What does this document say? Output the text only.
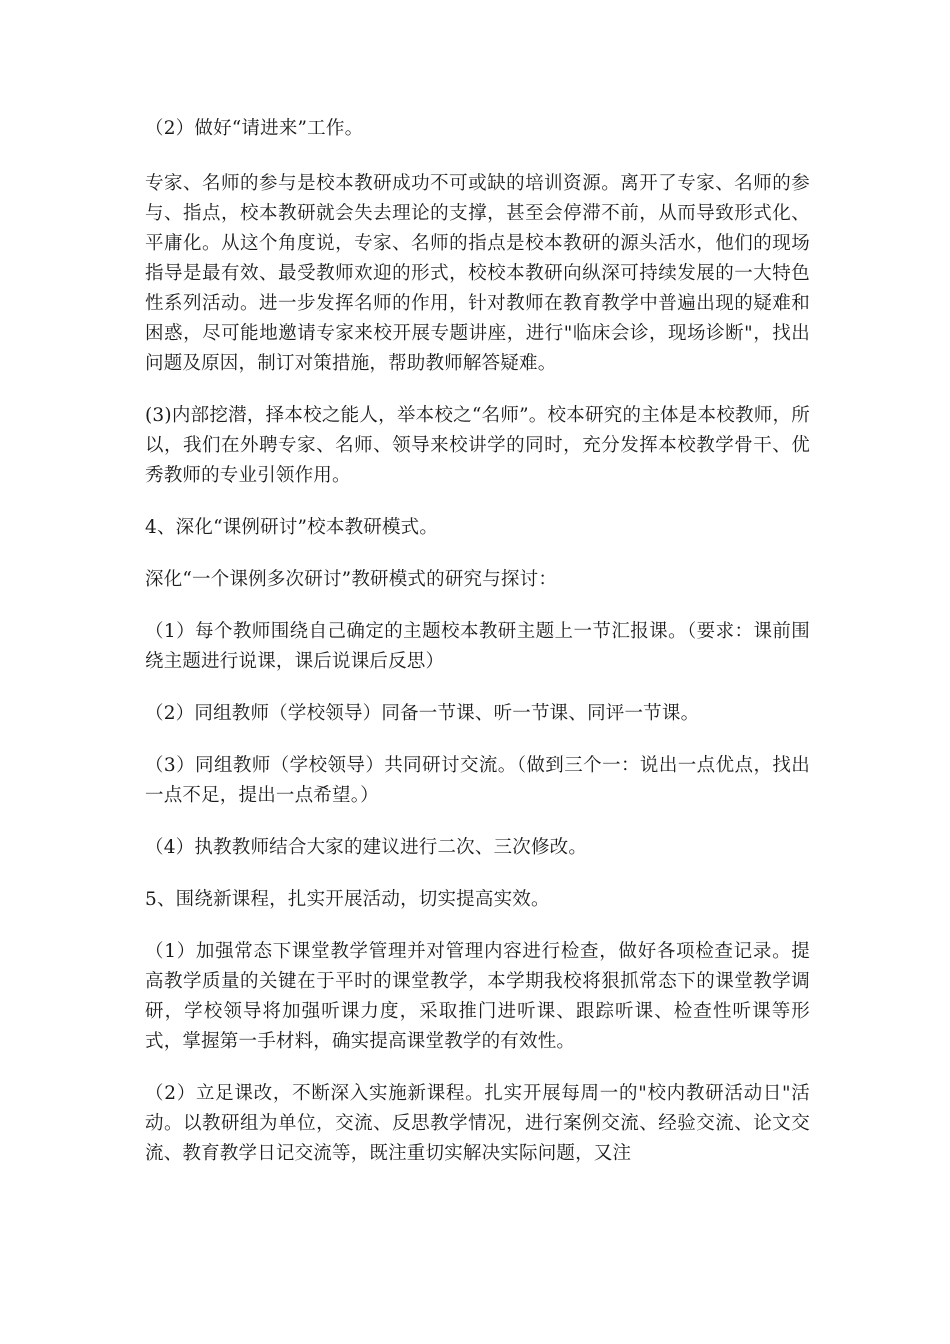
（2）做好“请进来”工作。

专家、名师的参与是校本教研成功不可或缺的培训资源。离开了专家、名师的参与、指点，校本教研就会失去理论的支撑，甚至会停滞不前，从而导致形式化、平庸化。从这个角度说，专家、名师的指点是校本教研的源头活水，他们的现场指导是最有效、最受教师欢迎的形式，校校本教研向纵深可持续发展的一大特色性系列活动。进一步发挥名师的作用，针对教师在教育教学中普遍出现的疑难和困惑，尽可能地邀请专家来校开展专题讲座，进行"临床会诊，现场诊断"，找出问题及原因，制订对策措施，帮助教师解答疑难。

(3)内部挖潜，择本校之能人，举本校之“名师”。校本研究的主体是本校教师，所以，我们在外聘专家、名师、领导来校讲学的同时，充分发挥本校教学骨干、优秀教师的专业引领作用。

4、深化“课例研讨”校本教研模式。

深化“一个课例多次研讨”教研模式的研究与探讨：

（1）每个教师围绕自己确定的主题校本教研主题上一节汇报课。（要求：课前围绕主题进行说课，课后说课后反思）

（2）同组教师（学校领导）同备一节课、听一节课、同评一节课。

（3）同组教师（学校领导）共同研讨交流。（做到三个一：说出一点优点，找出一点不足，提出一点希望。）

（4）执教教师结合大家的建议进行二次、三次修改。

5、围绕新课程，扎实开展活动，切实提高实效。

（1）加强常态下课堂教学管理并对管理内容进行检查，做好各项检查记录。提高教学质量的关键在于平时的课堂教学，本学期我校将狠抓常态下的课堂教学调研，学校领导将加强听课力度，采取推门进听课、跟踪听课、检查性听课等形式，掌握第一手材料，确实提高课堂教学的有效性。

（2）立足课改，不断深入实施新课程。扎实开展每周一的"校内教研活动日"活动。以教研组为单位，交流、反思教学情况，进行案例交流、经验交流、论文交流、教育教学日记交流等，既注重切实解决实际问题，又注
